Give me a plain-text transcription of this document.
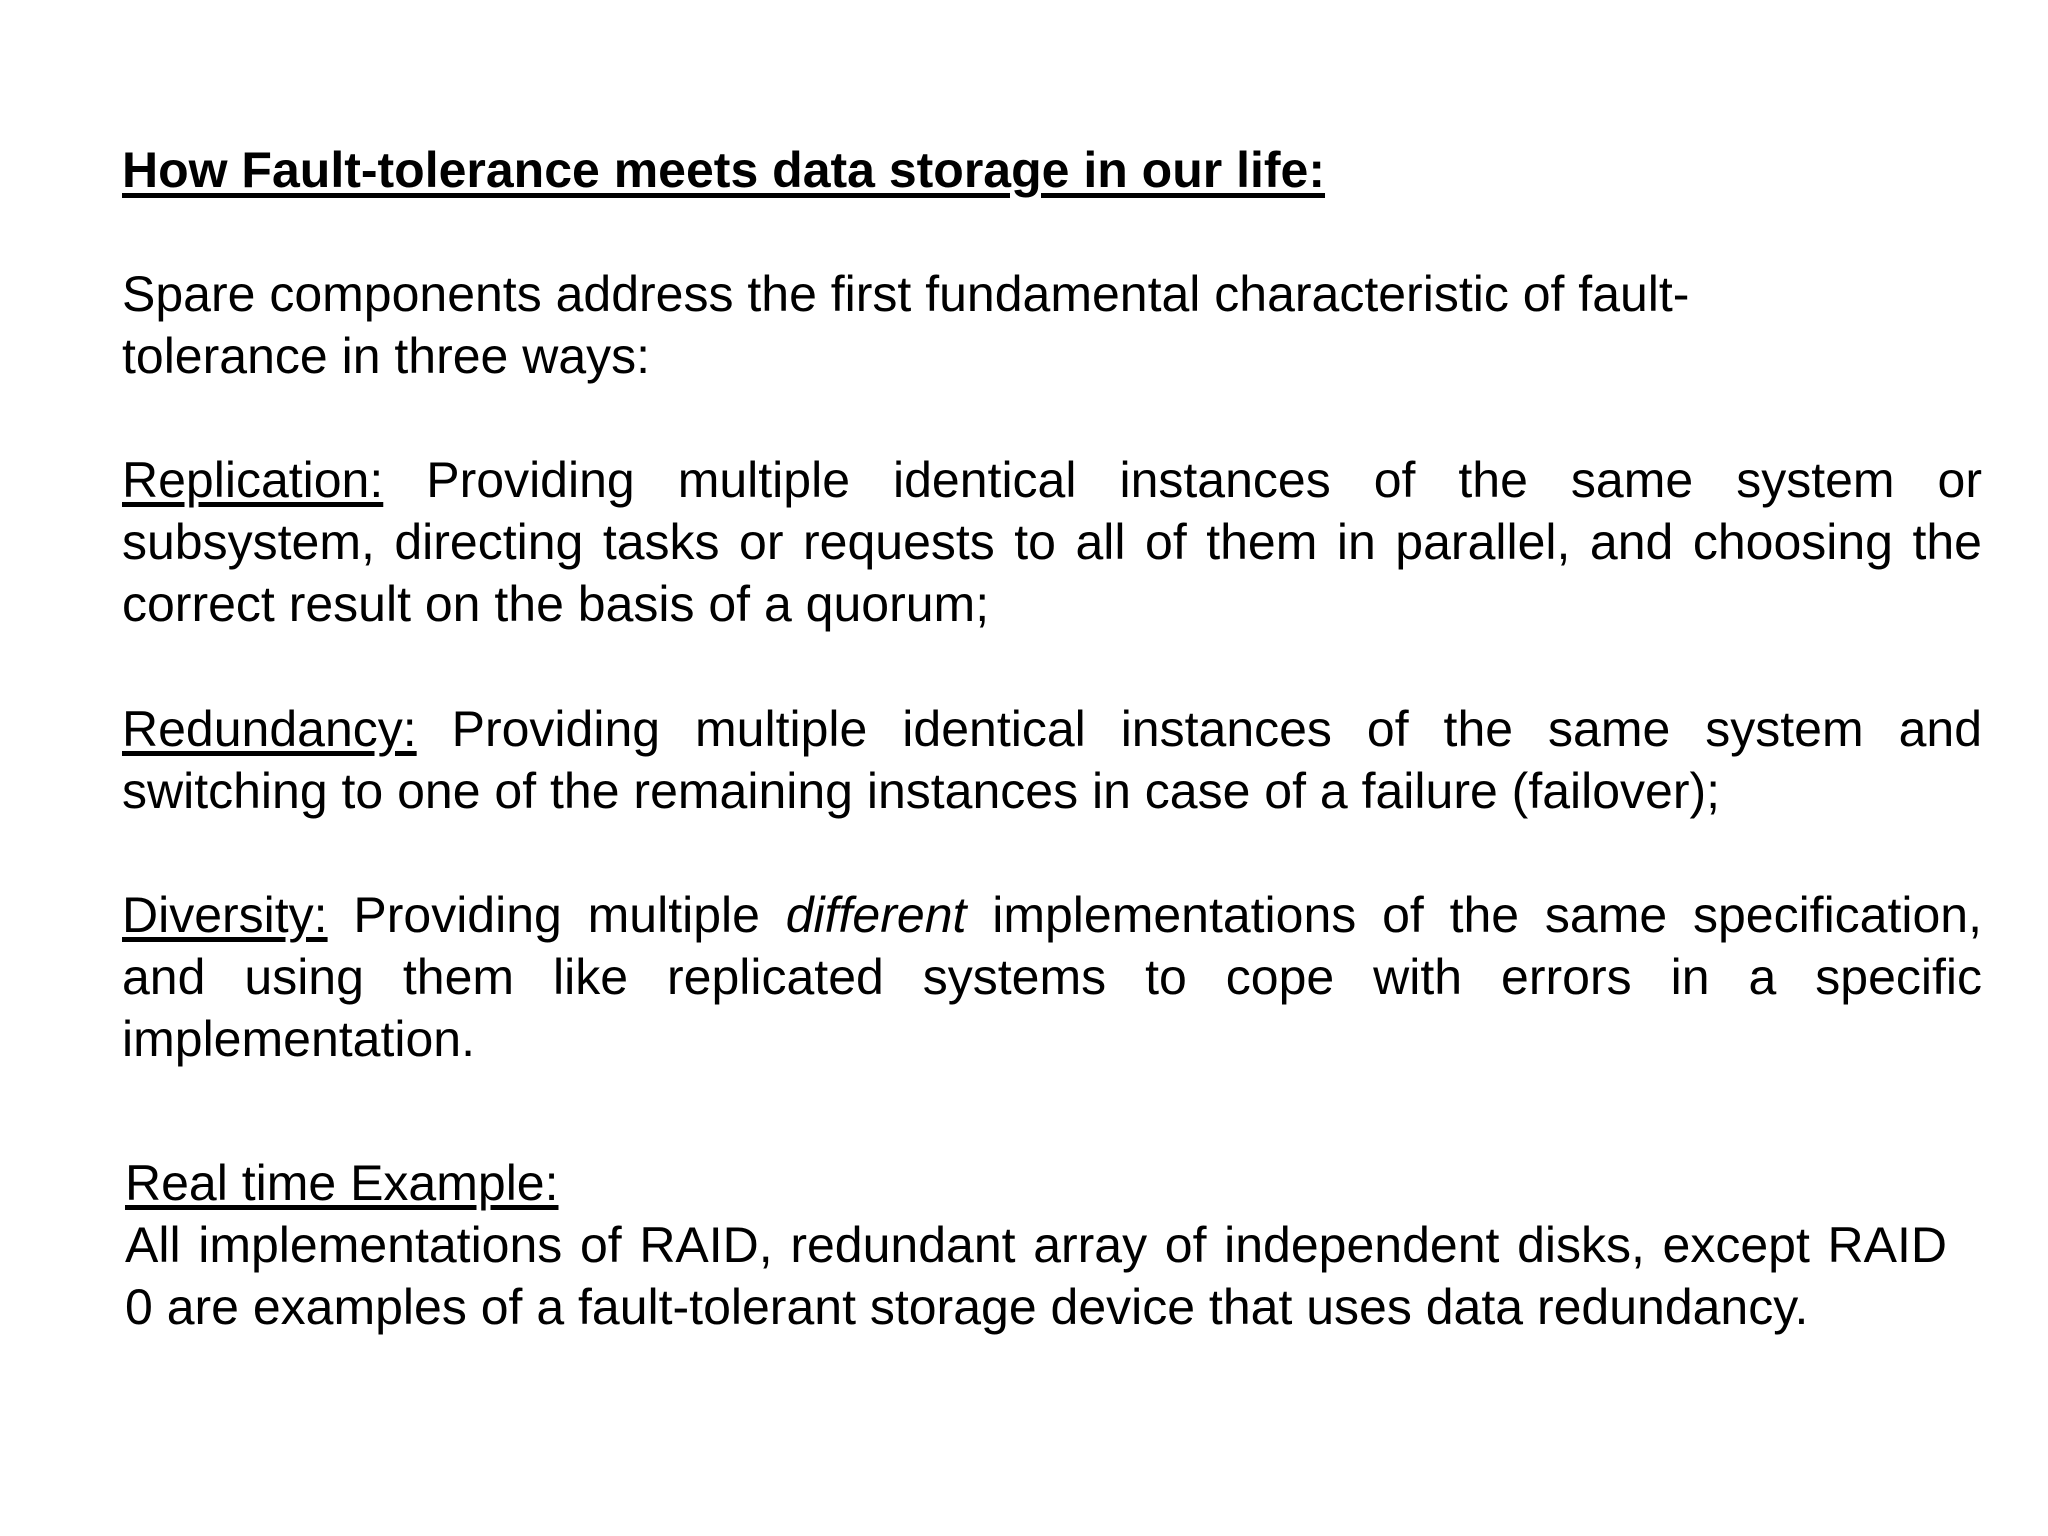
How Fault-tolerance meets data storage in our life:

Spare components address the first fundamental characteristic of fault-
tolerance in three ways:

Replication: Providing multiple identical instances of the same system or subsystem, directing tasks or requests to all of them in parallel, and choosing the correct result on the basis of a quorum;

Redundancy: Providing multiple identical instances of the same system and switching to one of the remaining instances in case of a failure (failover);

Diversity: Providing multiple different implementations of the same specification, and using them like replicated systems to cope with errors in a specific implementation.

Real time Example:

All implementations of RAID, redundant array of independent disks, except RAID 0 are examples of a fault-tolerant storage device that uses data redundancy.
